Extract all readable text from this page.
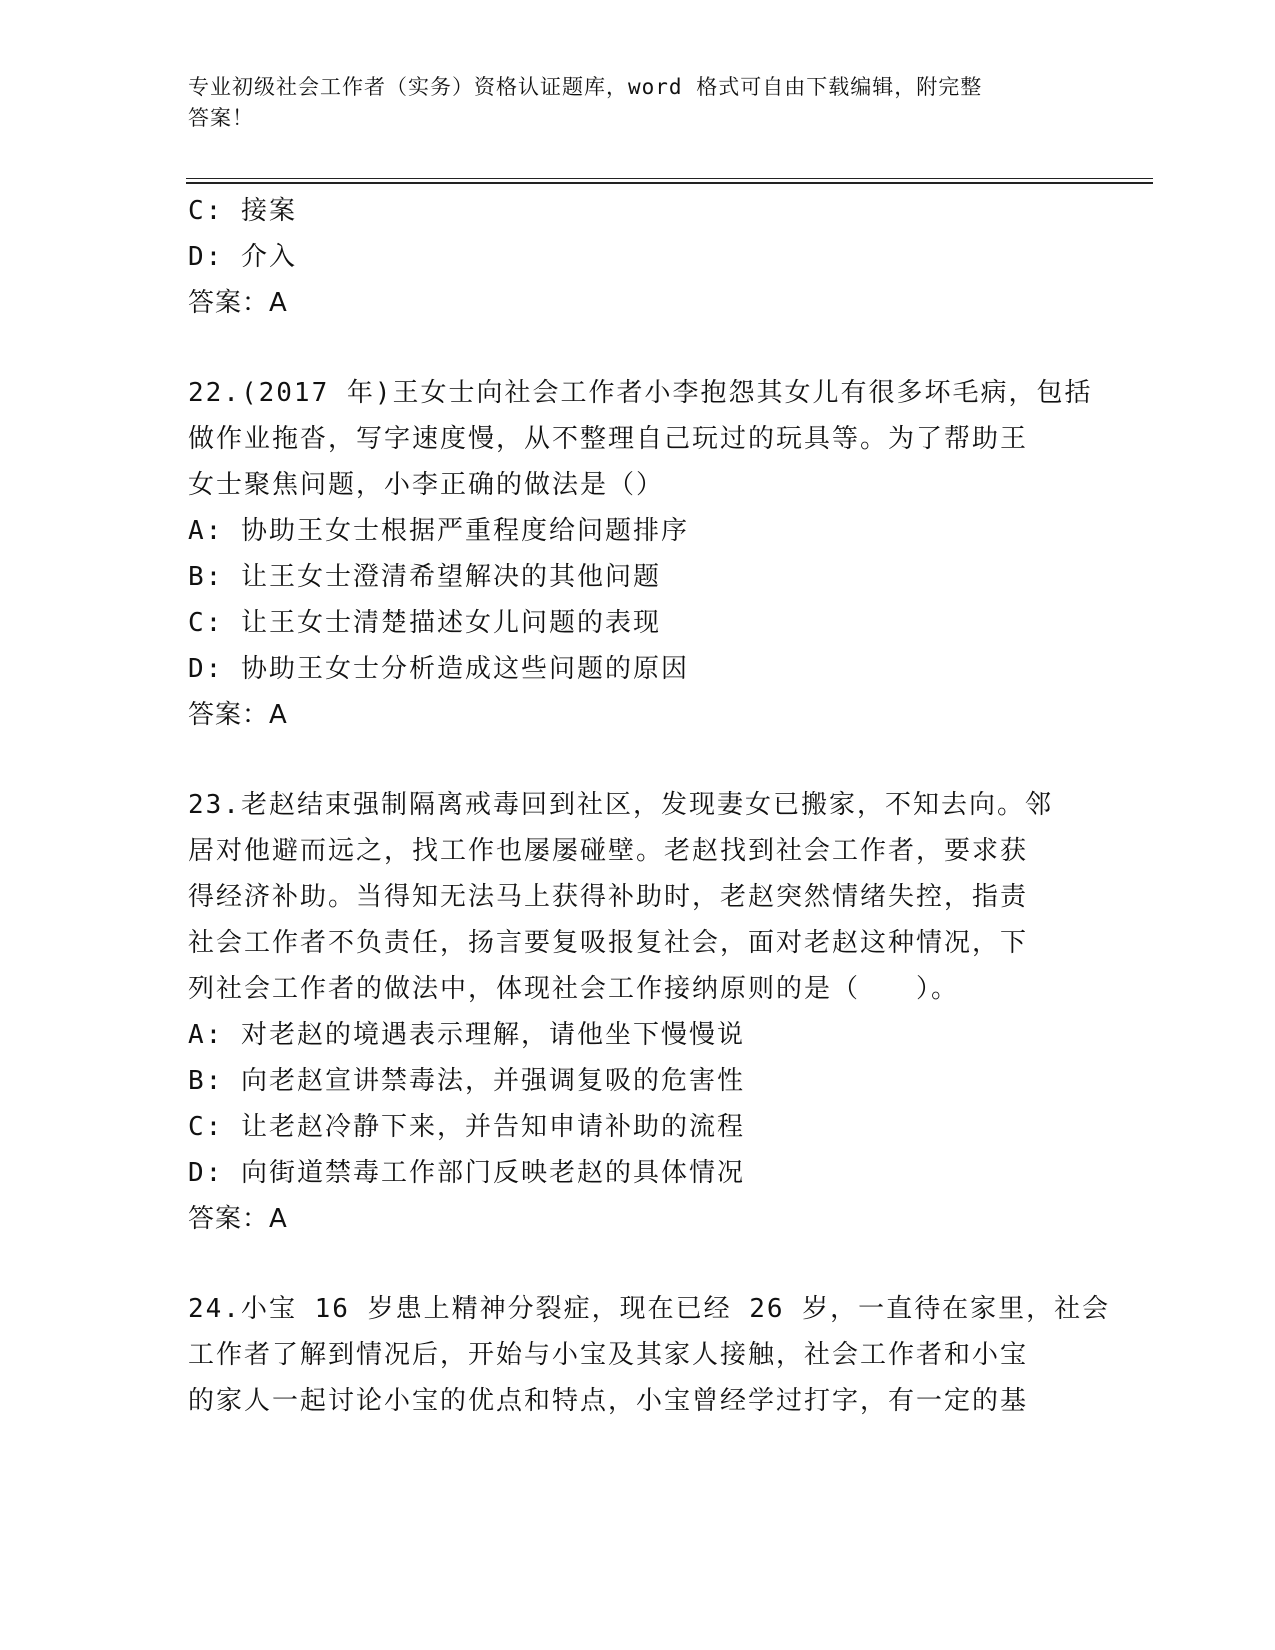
专业初级社会工作者（实务）资格认证题库，word 格式可自由下载编辑，附完整
答案！
C: 接案
D: 介入
答案：A
22.(2017 年)王女士向社会工作者小李抱怨其女儿有很多坏毛病，包括
做作业拖沓，写字速度慢，从不整理自己玩过的玩具等。为了帮助王
女士聚焦问题，小李正确的做法是（）
A: 协助王女士根据严重程度给问题排序
B: 让王女士澄清希望解决的其他问题
C: 让王女士清楚描述女儿问题的表现
D: 协助王女士分析造成这些问题的原因
答案：A
23.老赵结束强制隔离戒毒回到社区，发现妻女已搬家，不知去向。邻
居对他避而远之，找工作也屡屡碰壁。老赵找到社会工作者，要求获
得经济补助。当得知无法马上获得补助时，老赵突然情绪失控，指责
社会工作者不负责任，扬言要复吸报复社会，面对老赵这种情况，下
列社会工作者的做法中，体现社会工作接纳原则的是（　　）。
A: 对老赵的境遇表示理解，请他坐下慢慢说
B: 向老赵宣讲禁毒法，并强调复吸的危害性
C: 让老赵冷静下来，并告知申请补助的流程
D: 向街道禁毒工作部门反映老赵的具体情况
答案：A
24.小宝 16 岁患上精神分裂症，现在已经 26 岁，一直待在家里，社会
工作者了解到情况后，开始与小宝及其家人接触，社会工作者和小宝
的家人一起讨论小宝的优点和特点，小宝曾经学过打字，有一定的基
